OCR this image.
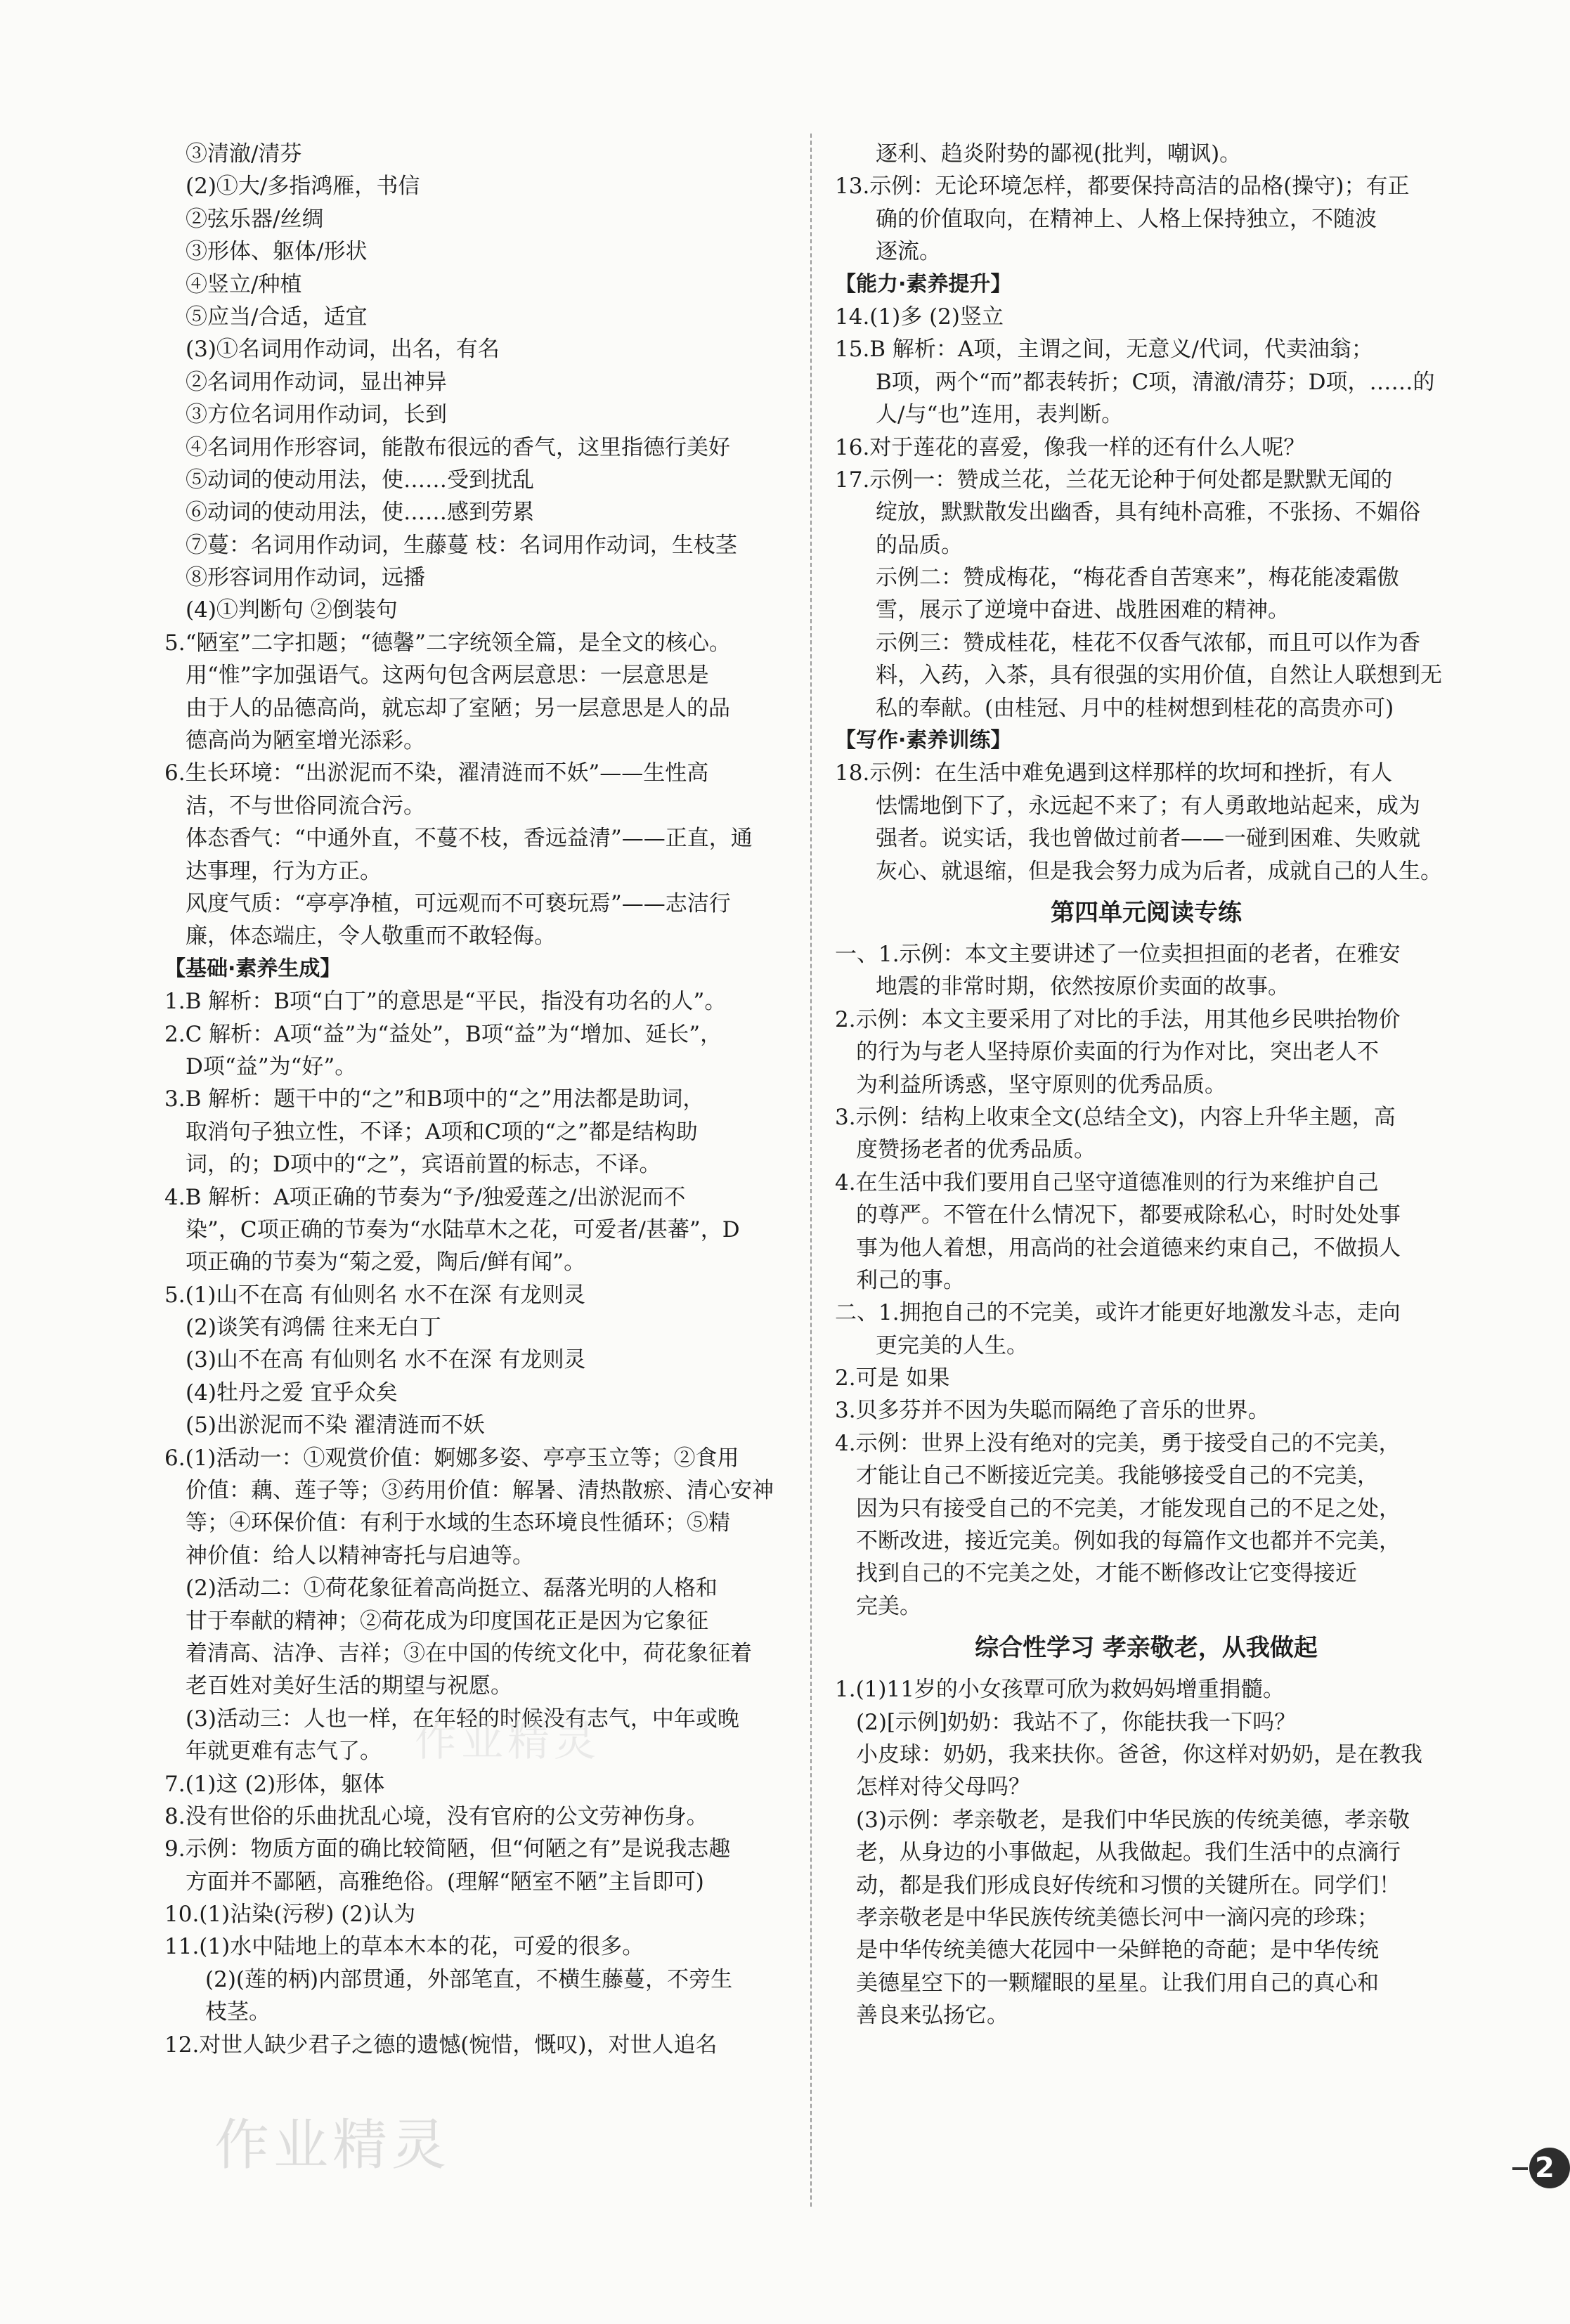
③清澈/清芬
(2)①大/多指鸿雁，书信
②弦乐器/丝绸
③形体、躯体/形状
④竖立/种植
⑤应当/合适，适宜
(3)①名词用作动词，出名，有名
②名词用作动词，显出神异
③方位名词用作动词，长到
④名词用作形容词，能散布很远的香气，这里指德行美好
⑤动词的使动用法，使……受到扰乱
⑥动词的使动用法，使……感到劳累
⑦蔓：名词用作动词，生藤蔓 枝：名词用作动词，生枝茎
⑧形容词用作动词，远播
(4)①判断句 ②倒装句
5.“陋室”二字扣题；“德馨”二字统领全篇，是全文的核心。
用“惟”字加强语气。这两句包含两层意思：一层意思是
由于人的品德高尚，就忘却了室陋；另一层意思是人的品
德高尚为陋室增光添彩。
6.生长环境：“出淤泥而不染，濯清涟而不妖”——生性高
洁，不与世俗同流合污。
体态香气：“中通外直，不蔓不枝，香远益清”——正直，通
达事理，行为方正。
风度气质：“亭亭净植，可远观而不可亵玩焉”——志洁行
廉，体态端庄，令人敬重而不敢轻侮。
【基础·素养生成】
1.B 解析：B项“白丁”的意思是“平民，指没有功名的人”。
2.C 解析：A项“益”为“益处”，B项“益”为“增加、延长”，
D项“益”为“好”。
3.B 解析：题干中的“之”和B项中的“之”用法都是助词，
取消句子独立性，不译；A项和C项的“之”都是结构助
词，的；D项中的“之”，宾语前置的标志，不译。
4.B 解析：A项正确的节奏为“予/独爱莲之/出淤泥而不
染”，C项正确的节奏为“水陆草木之花，可爱者/甚蕃”，D
项正确的节奏为“菊之爱，陶后/鲜有闻”。
5.(1)山不在高 有仙则名 水不在深 有龙则灵
(2)谈笑有鸿儒 往来无白丁
(3)山不在高 有仙则名 水不在深 有龙则灵
(4)牡丹之爱 宜乎众矣
(5)出淤泥而不染 濯清涟而不妖
6.(1)活动一：①观赏价值：婀娜多姿、亭亭玉立等；②食用
价值：藕、莲子等；③药用价值：解暑、清热散瘀、清心安神
等；④环保价值：有利于水域的生态环境良性循环；⑤精
神价值：给人以精神寄托与启迪等。
(2)活动二：①荷花象征着高尚挺立、磊落光明的人格和
甘于奉献的精神；②荷花成为印度国花正是因为它象征
着清高、洁净、吉祥；③在中国的传统文化中，荷花象征着
老百姓对美好生活的期望与祝愿。
(3)活动三：人也一样，在年轻的时候没有志气，中年或晚
年就更难有志气了。
7.(1)这 (2)形体，躯体
8.没有世俗的乐曲扰乱心境，没有官府的公文劳神伤身。
9.示例：物质方面的确比较简陋，但“何陋之有”是说我志趣
方面并不鄙陋，高雅绝俗。(理解“陋室不陋”主旨即可)
10.(1)沾染(污秽) (2)认为
11.(1)水中陆地上的草本木本的花，可爱的很多。
(2)(莲的柄)内部贯通，外部笔直，不横生藤蔓，不旁生
枝茎。
12.对世人缺少君子之德的遗憾(惋惜，慨叹)，对世人追名
逐利、趋炎附势的鄙视(批判，嘲讽)。
13.示例：无论环境怎样，都要保持高洁的品格(操守)；有正
确的价值取向，在精神上、人格上保持独立，不随波
逐流。
【能力·素养提升】
14.(1)多 (2)竖立
15.B 解析：A项，主谓之间，无意义/代词，代卖油翁；
B项，两个“而”都表转折；C项，清澈/清芬；D项，……的
人/与“也”连用，表判断。
16.对于莲花的喜爱，像我一样的还有什么人呢？
17.示例一：赞成兰花，兰花无论种于何处都是默默无闻的
绽放，默默散发出幽香，具有纯朴高雅，不张扬、不媚俗
的品质。
示例二：赞成梅花，“梅花香自苦寒来”，梅花能凌霜傲
雪，展示了逆境中奋进、战胜困难的精神。
示例三：赞成桂花，桂花不仅香气浓郁，而且可以作为香
料，入药，入茶，具有很强的实用价值，自然让人联想到无
私的奉献。(由桂冠、月中的桂树想到桂花的高贵亦可)
【写作·素养训练】
18.示例：在生活中难免遇到这样那样的坎坷和挫折，有人
怯懦地倒下了，永远起不来了；有人勇敢地站起来，成为
强者。说实话，我也曾做过前者——一碰到困难、失败就
灰心、就退缩，但是我会努力成为后者，成就自己的人生。
第四单元阅读专练
一、1.示例：本文主要讲述了一位卖担担面的老者，在雅安
地震的非常时期，依然按原价卖面的故事。
2.示例：本文主要采用了对比的手法，用其他乡民哄抬物价
的行为与老人坚持原价卖面的行为作对比，突出老人不
为利益所诱惑，坚守原则的优秀品质。
3.示例：结构上收束全文(总结全文)，内容上升华主题，高
度赞扬老者的优秀品质。
4.在生活中我们要用自己坚守道德准则的行为来维护自己
的尊严。不管在什么情况下，都要戒除私心，时时处处事
事为他人着想，用高尚的社会道德来约束自己，不做损人
利己的事。
二、1.拥抱自己的不完美，或许才能更好地激发斗志，走向
更完美的人生。
2.可是 如果
3.贝多芬并不因为失聪而隔绝了音乐的世界。
4.示例：世界上没有绝对的完美，勇于接受自己的不完美，
才能让自己不断接近完美。我能够接受自己的不完美，
因为只有接受自己的不完美，才能发现自己的不足之处，
不断改进，接近完美。例如我的每篇作文也都并不完美，
找到自己的不完美之处，才能不断修改让它变得接近
完美。
综合性学习 孝亲敬老，从我做起
1.(1)11岁的小女孩覃可欣为救妈妈增重捐髓。
(2)[示例]奶奶：我站不了，你能扶我一下吗？
小皮球：奶奶，我来扶你。爸爸，你这样对奶奶，是在教我
怎样对待父母吗？
(3)示例：孝亲敬老，是我们中华民族的传统美德，孝亲敬
老，从身边的小事做起，从我做起。我们生活中的点滴行
动，都是我们形成良好传统和习惯的关键所在。同学们！
孝亲敬老是中华民族传统美德长河中一滴闪亮的珍珠；
是中华传统美德大花园中一朵鲜艳的奇葩；是中华传统
美德星空下的一颗耀眼的星星。让我们用自己的真心和
善良来弘扬它。
作业精灵
作业精灵	2
